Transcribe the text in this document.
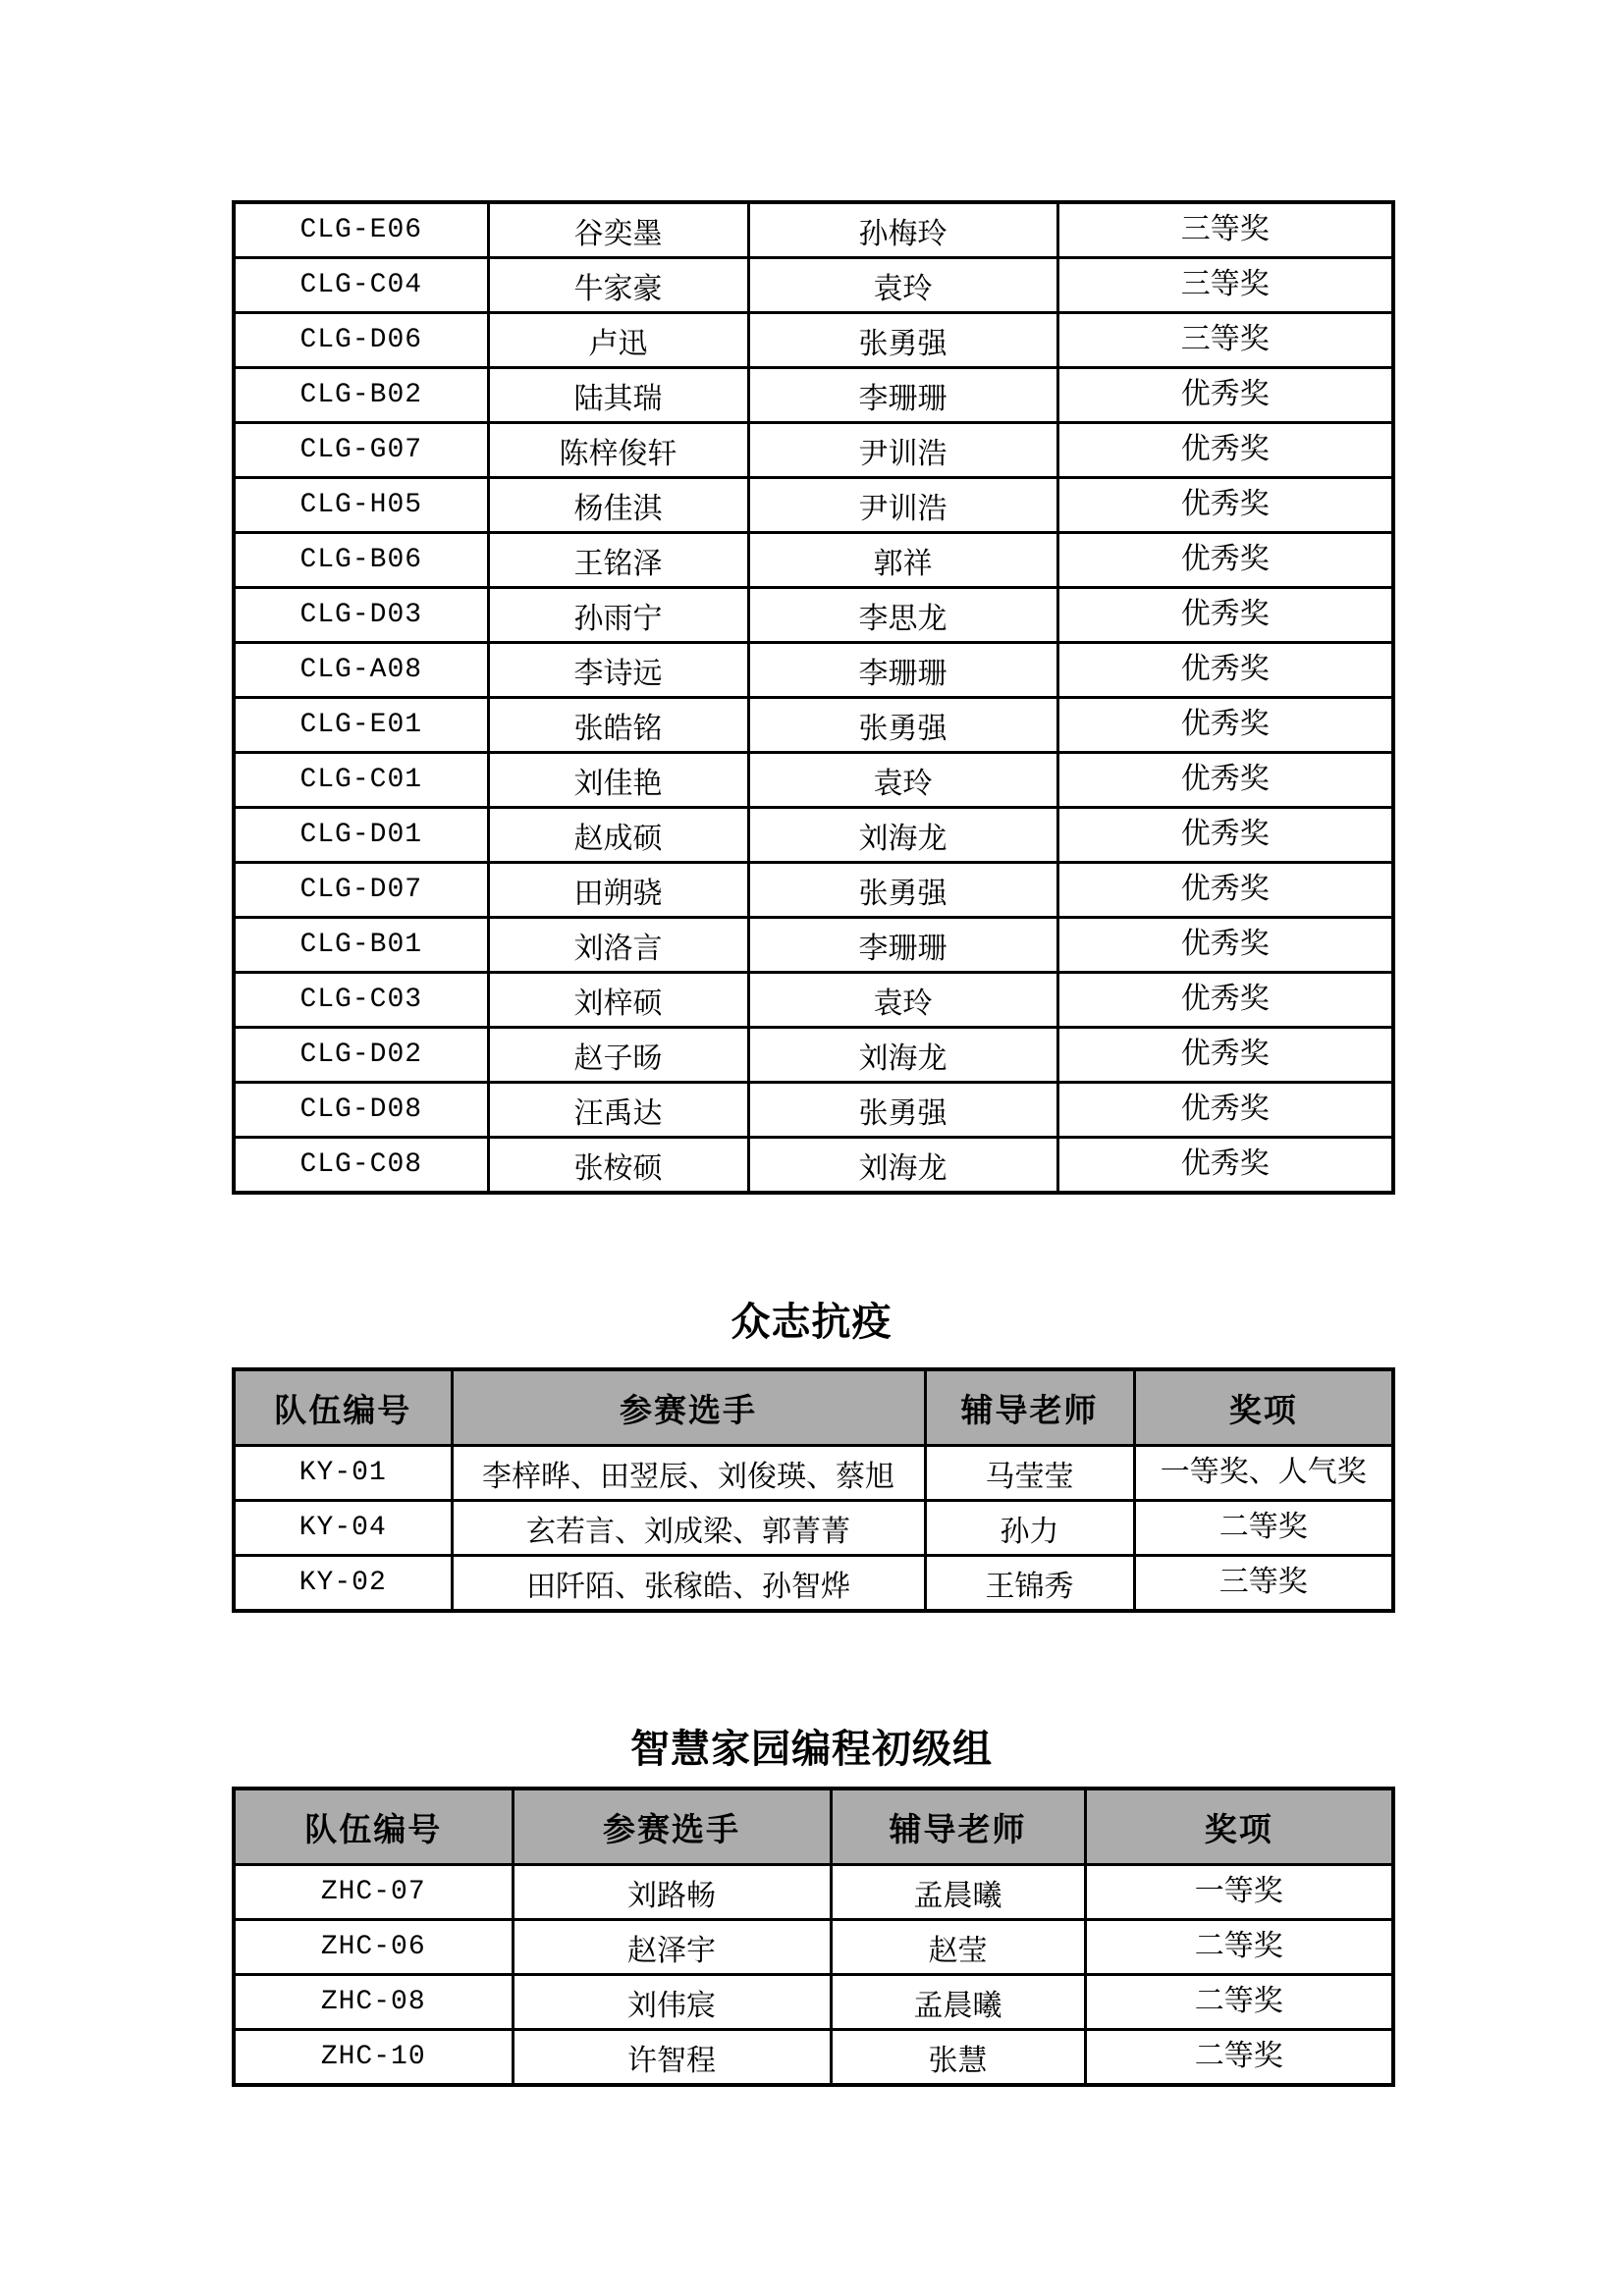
CLG-E06	谷奕墨	孙梅玲	三等奖
CLG-C04	牛家豪	袁玲	三等奖
CLG-D06	卢迅	张勇强	三等奖
CLG-B02	陆其瑞	李珊珊	优秀奖
CLG-G07	陈梓俊轩	尹训浩	优秀奖
CLG-H05	杨佳淇	尹训浩	优秀奖
CLG-B06	王铭泽	郭祥	优秀奖
CLG-D03	孙雨宁	李思龙	优秀奖
CLG-A08	李诗远	李珊珊	优秀奖
CLG-E01	张皓铭	张勇强	优秀奖
CLG-C01	刘佳艳	袁玲	优秀奖
CLG-D01	赵成硕	刘海龙	优秀奖
CLG-D07	田朔骁	张勇强	优秀奖
CLG-B01	刘洛言	李珊珊	优秀奖
CLG-C03	刘梓硕	袁玲	优秀奖
CLG-D02	赵子旸	刘海龙	优秀奖
CLG-D08	汪禹达	张勇强	优秀奖
CLG-C08	张桉硕	刘海龙	优秀奖
众志抗疫
队伍编号	参赛选手	辅导老师	奖项
KY-01	李梓晔、田翌辰、刘俊瑛、蔡旭	马莹莹	一等奖、人气奖
KY-04	玄若言、刘成梁、郭菁菁	孙力	二等奖
KY-02	田阡陌、张稼皓、孙智烨	王锦秀	三等奖
智慧家园编程初级组
队伍编号	参赛选手	辅导老师	奖项
ZHC-07	刘路畅	孟晨曦	一等奖
ZHC-06	赵泽宇	赵莹	二等奖
ZHC-08	刘伟宸	孟晨曦	二等奖
ZHC-10	许智程	张慧	二等奖
